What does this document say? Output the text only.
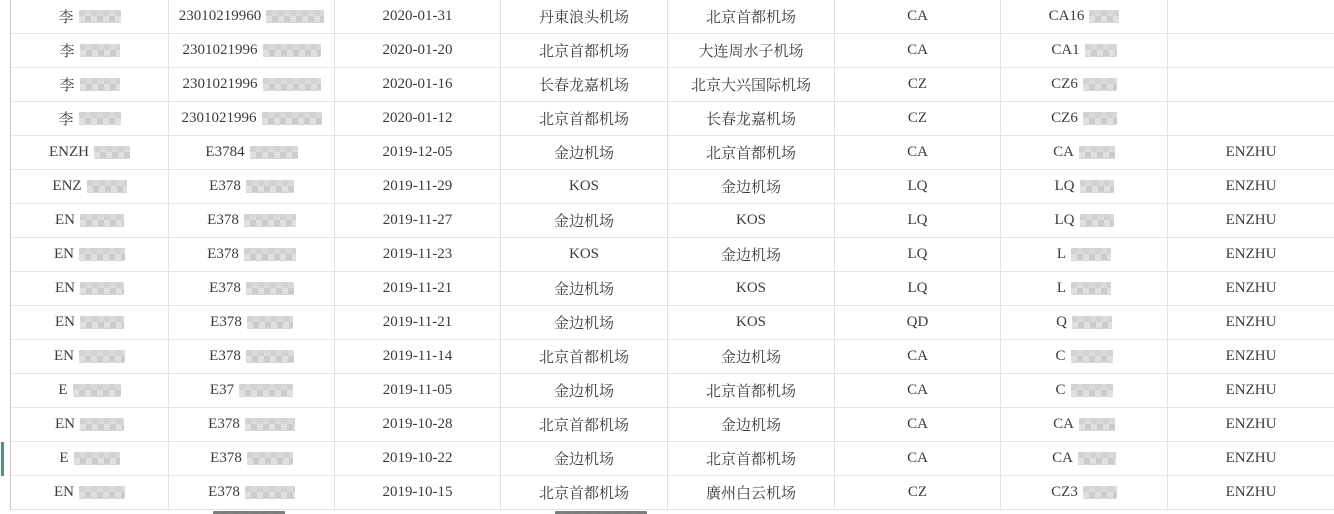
李	23010219960	2020-01-31	丹東浪头机场	北京首都机场	CA	CA16
李	2301021996	2020-01-20	北京首都机场	大连周水子机场	CA	CA1
李	2301021996	2020-01-16	长春龙嘉机场	北京大兴国际机场	CZ	CZ6
李	2301021996	2020-01-12	北京首都机场	长春龙嘉机场	CZ	CZ6
ENZH	E3784	2019-12-05	金边机场	北京首都机场	CA	CA	ENZHU
ENZ	E378	2019-11-29	KOS	金边机场	LQ	LQ	ENZHU
EN	E378	2019-11-27	金边机场	KOS	LQ	LQ	ENZHU
EN	E378	2019-11-23	KOS	金边机场	LQ	L	ENZHU
EN	E378	2019-11-21	金边机场	KOS	LQ	L	ENZHU
EN	E378	2019-11-21	金边机场	KOS	QD	Q	ENZHU
EN	E378	2019-11-14	北京首都机场	金边机场	CA	C	ENZHU
E	E37	2019-11-05	金边机场	北京首都机场	CA	C	ENZHU
EN	E378	2019-10-28	北京首都机场	金边机场	CA	CA	ENZHU
E	E378	2019-10-22	金边机场	北京首都机场	CA	CA	ENZHU
EN	E378	2019-10-15	北京首都机场	廣州白云机场	CZ	CZ3	ENZHU
